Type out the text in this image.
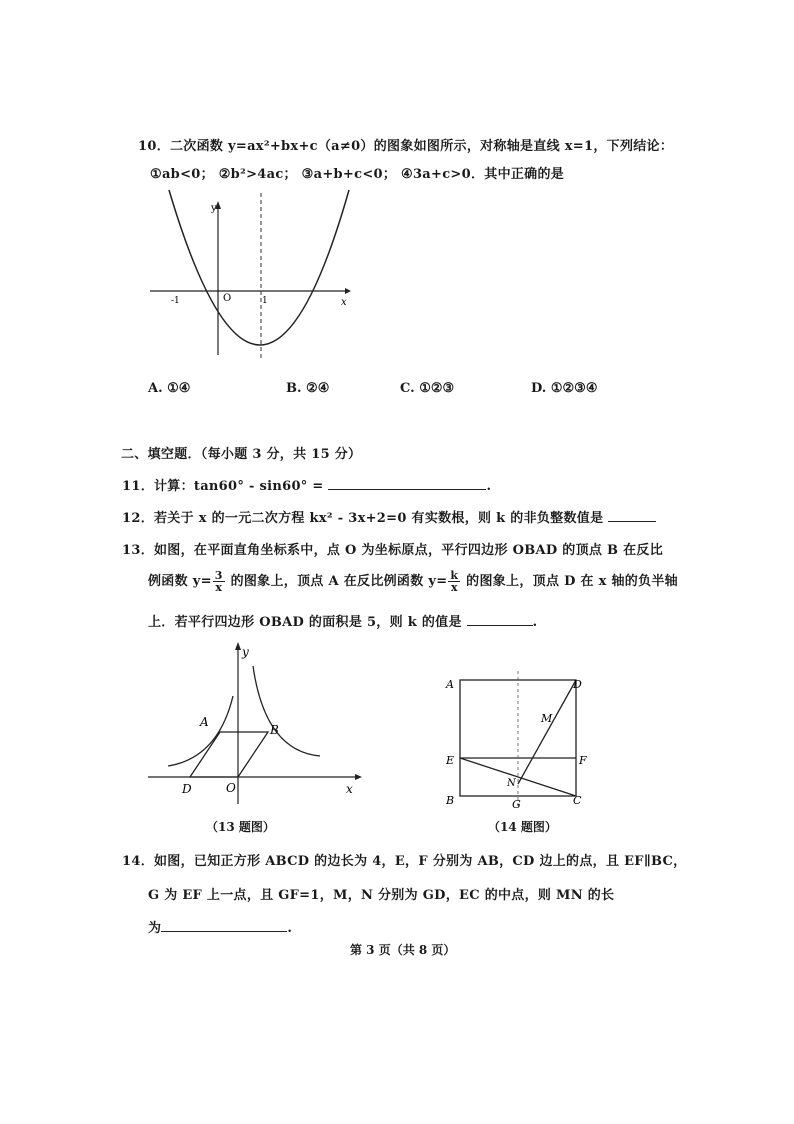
10．二次函数 y=ax²+bx+c（a≠0）的图象如图所示，对称轴是直线 x=1，下列结论：
①ab<0； ②b²>4ac； ③a+b+c<0； ④3a+c>0．其中正确的是
y
x
O
-1	1
A. ①④	B. ②④	C. ①②③	D. ①②③④
二、填空题．（每小题 3 分，共 15 分）
11．计算：tan60° - sin60° =	.
12．若关于 x 的一元二次方程 kx² - 3x+2=0 有实数根，则 k 的非负整数值是
13．如图，在平面直角坐标系中，点 O 为坐标原点，平行四边形 OBAD 的顶点 B 在反比
例函数 $y= \frac{3}{x}$ 的图象上，顶点 A 在反比例函数 $y= \frac{k}{x}$ 的图象上，顶点 D 在 x 轴的负半轴
上．若平行四边形 OBAD 的面积是 5，则 k 的值是	.
y
x
A
B
O
D
（13 题图）
A	D
M
E	F
N
B	G	C
（14 题图）
14．如图，已知正方形 ABCD 的边长为 4，E，F 分别为 AB，CD 边上的点，且 EF∥BC，
G 为 EF 上一点，且 GF=1，M，N 分别为 GD，EC 的中点，则 MN 的长
为	.
第 3 页（共 8 页）
